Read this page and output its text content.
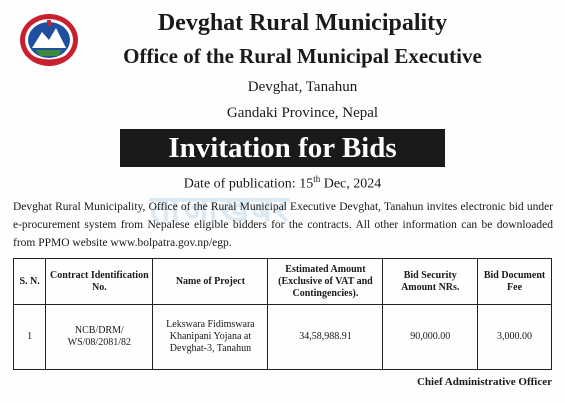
Devghat Rural Municipality
Office of the Rural Municipal Executive
Devghat, Tanahun
Gandaki Province, Nepal
Invitation for Bids
Date of publication: 15th Dec, 2024
ताजाखबर
Devghat Rural Municipality, Office of the Rural Municipal Executive Devghat, Tanahun invites electronic bid under e-procurement system from Nepalese eligible bidders for the contracts. All other information can be downloaded from PPMO website www.bolpatra.gov.np/egp.
S. N.	Contract Identification No.	Name of Project	Estimated Amount (Exclusive of VAT and Contingencies).	Bid Security Amount NRs.	Bid Document Fee
1	NCB/DRM/ WS/08/2081/82	Lekswara Fidimswara Khanipani Yojana at Devghat-3, Tanahun	34,58,988.91	90,000.00	3,000.00
Chief Administrative Officer
